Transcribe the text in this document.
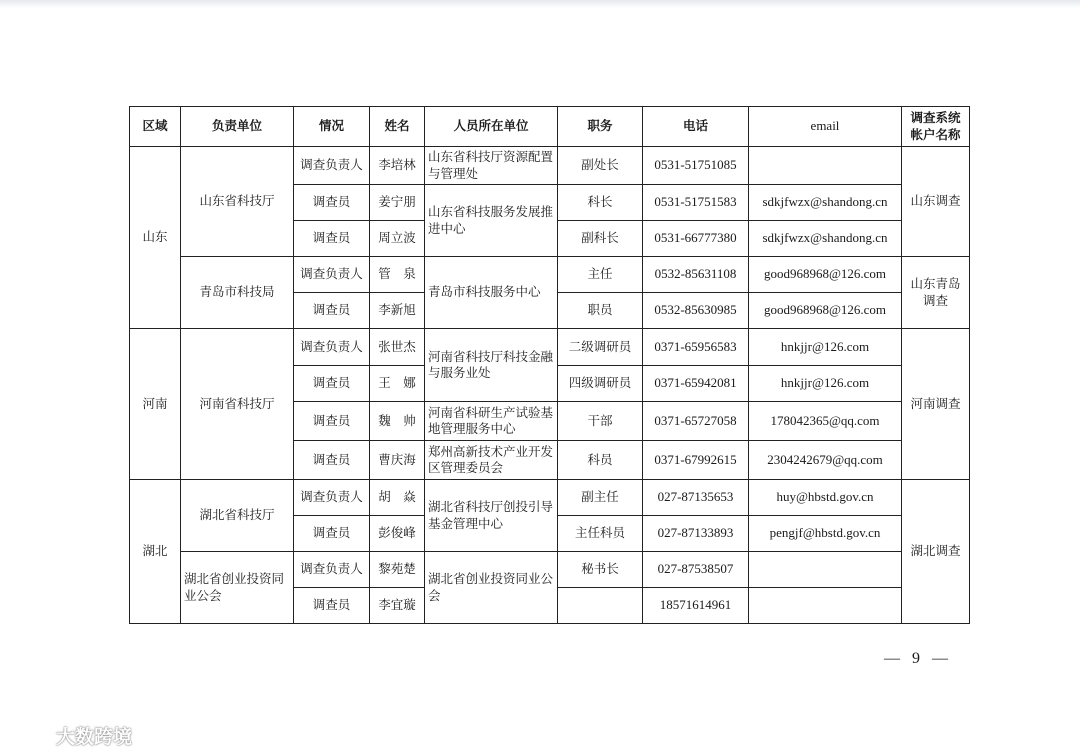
区域	负责单位	情况	姓名	人员所在单位	职务	电话	email	调查系统
帐户名称

山东	山东省科技厅	调查负责人	李培林	山东省科技厅资源配置与管理处	副处长	0531-51751085		山东调查
		调查员	姜宁朋	山东省科技服务发展推进中心	科长	0531-51751583	sdkjfwzx@shandong.cn	
		调查员	周立波		副科长	0531-66777380	sdkjfwzx@shandong.cn	
	青岛市科技局	调查负责人	管　泉	青岛市科技服务中心	主任	0532-85631108	good968968@126.com	山东青岛调查
		调查员	李新旭		职员	0532-85630985	good968968@126.com	
河南	河南省科技厅	调查负责人	张世杰	河南省科技厅科技金融与服务业处	二级调研员	0371-65956583	hnkjjr@126.com	河南调查
		调查员	王　娜		四级调研员	0371-65942081	hnkjjr@126.com	
		调查员	魏　帅	河南省科研生产试验基地管理服务中心	干部	0371-65727058	178042365@qq.com	
		调查员	曹庆海	郑州高新技术产业开发区管理委员会	科员	0371-67992615	2304242679@qq.com	
湖北	湖北省科技厅	调查负责人	胡　焱	湖北省科技厅创投引导基金管理中心	副主任	027-87135653	huy@hbstd.gov.cn	湖北调查
		调查员	彭俊峰		主任科员	027-87133893	pengjf@hbstd.gov.cn	
	湖北省创业投资同业公会	调查负责人	黎苑楚	湖北省创业投资同业公会	秘书长	027-87538507		
		调查员	李宜璇			18571614961		
— 9 —
大数跨境
